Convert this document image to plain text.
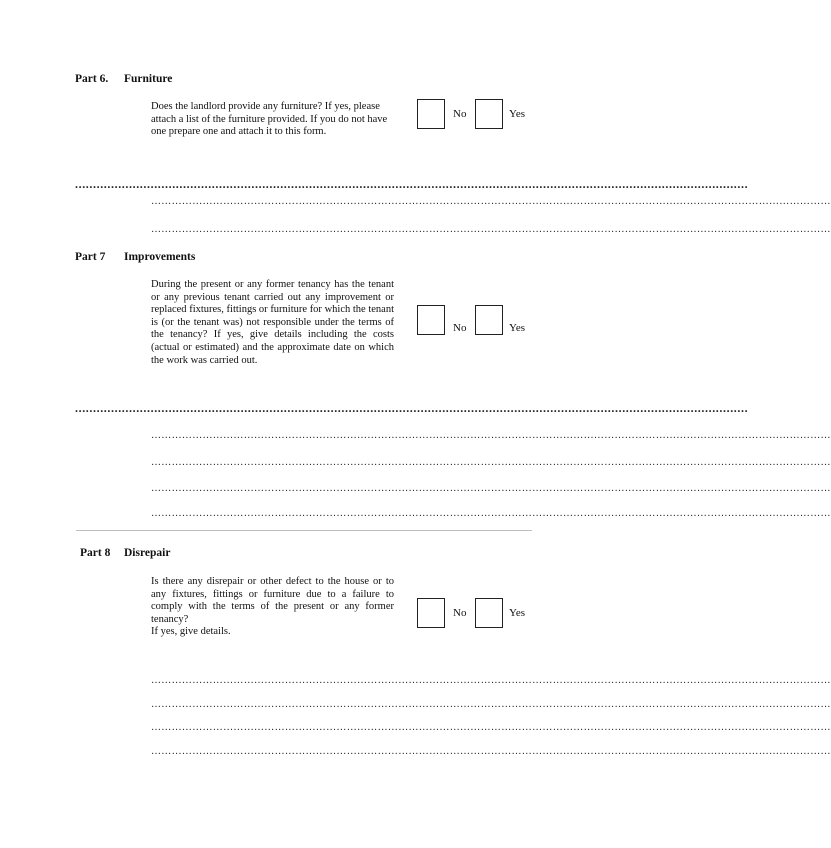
Part 6. Furniture

Does the landlord provide any furniture? If yes, please attach a list of the furniture provided. If you do not have one prepare one and attach it to this form.

No	Yes
...........................................................................................................................................................................................
………………………………………………………………………………………………………………………………………………………………………………
………………………………………………………………………………………………………………………………………………………………………………
Part 7 Improvements

During the present or any former tenancy has the tenant or any previous tenant carried out any improvement or replaced fixtures, fittings or furniture for which the tenant is (or the tenant was) not responsible under the terms of the tenancy? If yes, give details including the costs (actual or estimated) and the approximate date on which the work was carried out.

No	Yes
...........................................................................................................................................................................................
………………………………………………………………………………………………………………………………………………………………………………
………………………………………………………………………………………………………………………………………………………………………………
………………………………………………………………………………………………………………………………………………………………………………
………………………………………………………………………………………………………………………………………………………………………………
Part 8 Disrepair

Is there any disrepair or other defect to the house or to any fixtures, fittings or furniture due to a failure to comply with the terms of the present or any former tenancy?

If yes, give details.

No	Yes
………………………………………………………………………………………………………………………………………………………………………………
………………………………………………………………………………………………………………………………………………………………………………
………………………………………………………………………………………………………………………………………………………………………………
………………………………………………………………………………………………………………………………………………………………………………
